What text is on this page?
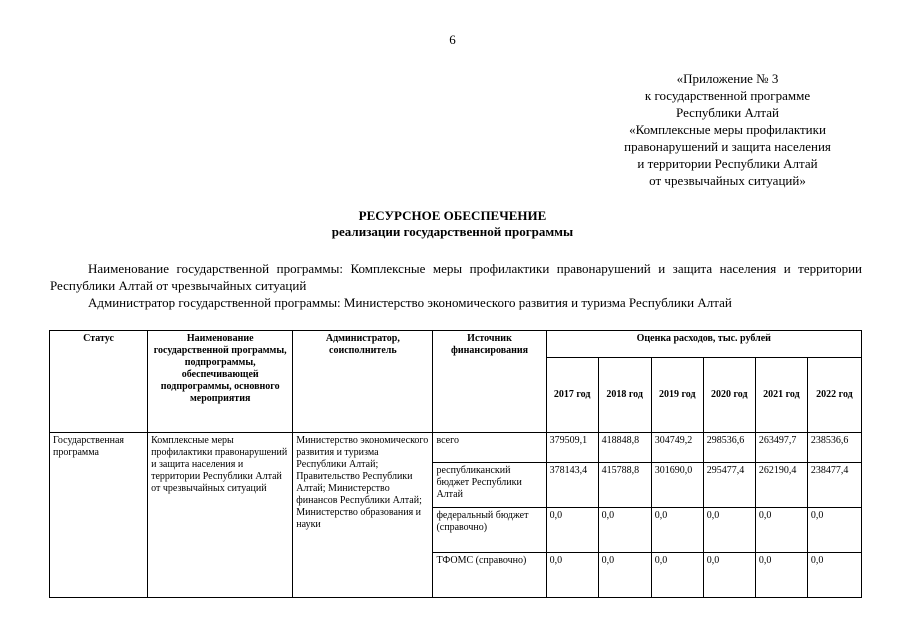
6
«Приложение № 3
к государственной программе
Республики Алтай
«Комплексные меры профилактики
правонарушений и защита населения
и территории Республики Алтай
от чрезвычайных ситуаций»
РЕСУРСНОЕ ОБЕСПЕЧЕНИЕ
реализации государственной программы

Наименование государственной программы: Комплексные меры профилактики правонарушений и защита населения и территории Республики Алтай от чрезвычайных ситуаций

Администратор государственной программы: Министерство экономического развития и туризма Республики Алтай

Статус	Наименование государственной программы, подпрограммы, обеспечивающей подпрограммы, основного мероприятия	Администратор, соисполнитель	Источник финансирования	Оценка расходов, тыс. рублей					
				2017 год	2018 год	2019 год	2020 год	2021 год	2022 год
Государственная программа	Комплексные меры профилактики правонарушений и защита населения и территории Республики Алтай от чрезвычайных ситуаций	Министерство экономического развития и туризма Республики Алтай; Правительство Республики Алтай; Министерство финансов Республики Алтай; Министерство образования и науки	всего	379509,1	418848,8	304749,2	298536,6	263497,7	238536,6
			республиканский бюджет Республики Алтай	378143,4	415788,8	301690,0	295477,4	262190,4	238477,4
			федеральный бюджет (справочно)	0,0	0,0	0,0	0,0	0,0	0,0
			ТФОМС (справочно)	0,0	0,0	0,0	0,0	0,0	0,0
